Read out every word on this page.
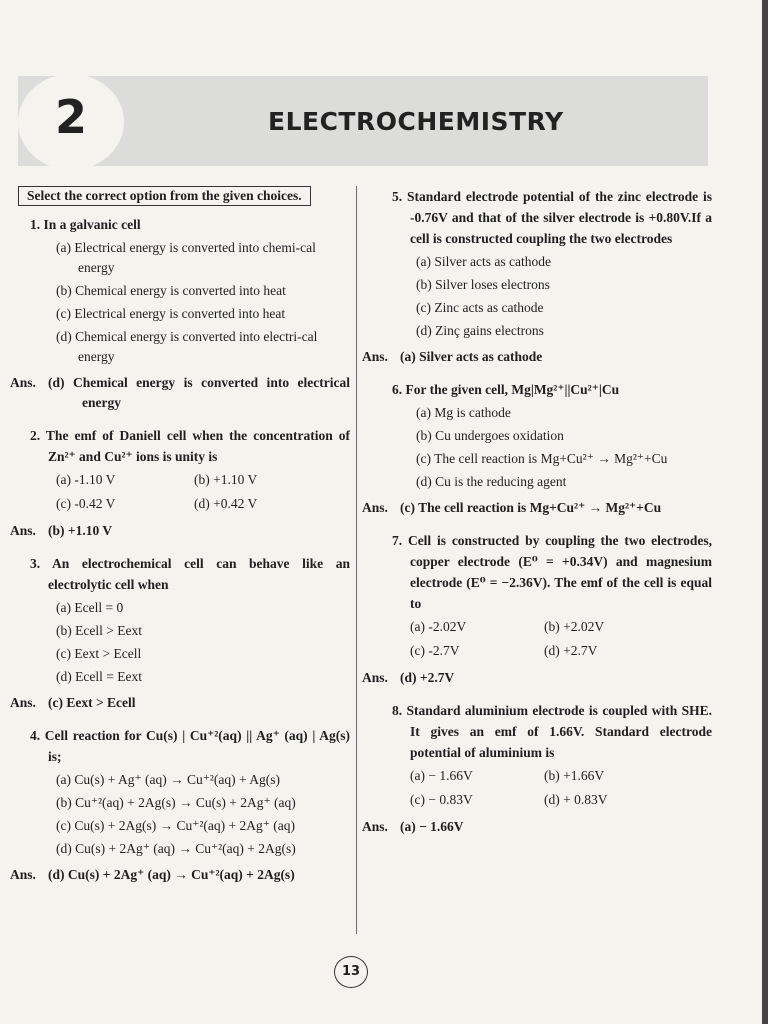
2	ELECTROCHEMISTRY
Select the correct option from the given choices.
1. In a galvanic cell
(a) Electrical energy is converted into chemi-cal energy
(b) Chemical energy is converted into heat
(c) Electrical energy is converted into heat
(d) Chemical energy is converted into electri-cal energy
Ans. (d) Chemical energy is converted into electrical energy
2. The emf of Daniell cell when the concentration of Zn²⁺ and Cu²⁺ ions is unity is
(a) -1.10 V	(b) +1.10 V
(c) -0.42 V	(d) +0.42 V
Ans. (b) +1.10 V
3. An electrochemical cell can behave like an electrolytic cell when
(a) Ecell = 0
(b) Ecell > Eext
(c) Eext > Ecell
(d) Ecell = Eext
Ans. (c) Eext > Ecell
4. Cell reaction for Cu(s) | Cu⁺²(aq) || Ag⁺ (aq) | Ag(s) is;
(a) Cu(s) + Ag⁺ (aq) → Cu⁺²(aq) + Ag(s)
(b) Cu⁺²(aq) + 2Ag(s) → Cu(s) + 2Ag⁺ (aq)
(c) Cu(s) + 2Ag(s) → Cu⁺²(aq) + 2Ag⁺ (aq)
(d) Cu(s) + 2Ag⁺ (aq) → Cu⁺²(aq) + 2Ag(s)
Ans. (d) Cu(s) + 2Ag⁺ (aq) → Cu⁺²(aq) + 2Ag(s)
5. Standard electrode potential of the zinc electrode is -0.76V and that of the silver electrode is +0.80V.If a cell is constructed coupling the two electrodes
(a) Silver acts as cathode
(b) Silver loses electrons
(c) Zinc acts as cathode
(d) Zinç gains electrons
Ans. (a) Silver acts as cathode
6. For the given cell, Mg|Mg²⁺||Cu²⁺|Cu
(a) Mg is cathode
(b) Cu undergoes oxidation
(c) The cell reaction is Mg+Cu²⁺ → Mg²⁺+Cu
(d) Cu is the reducing agent
Ans. (c) The cell reaction is Mg+Cu²⁺ → Mg²⁺+Cu
7. Cell is constructed by coupling the two electrodes, copper electrode (E⁰ = +0.34V) and magnesium electrode (E⁰ = −2.36V). The emf of the cell is equal to
(a) -2.02V	(b) +2.02V
(c) -2.7V	(d) +2.7V
Ans. (d) +2.7V
8. Standard aluminium electrode is coupled with SHE. It gives an emf of 1.66V. Standard electrode potential of aluminium is
(a) − 1.66V	(b) +1.66V
(c) − 0.83V	(d) + 0.83V
Ans. (a) − 1.66V
13
